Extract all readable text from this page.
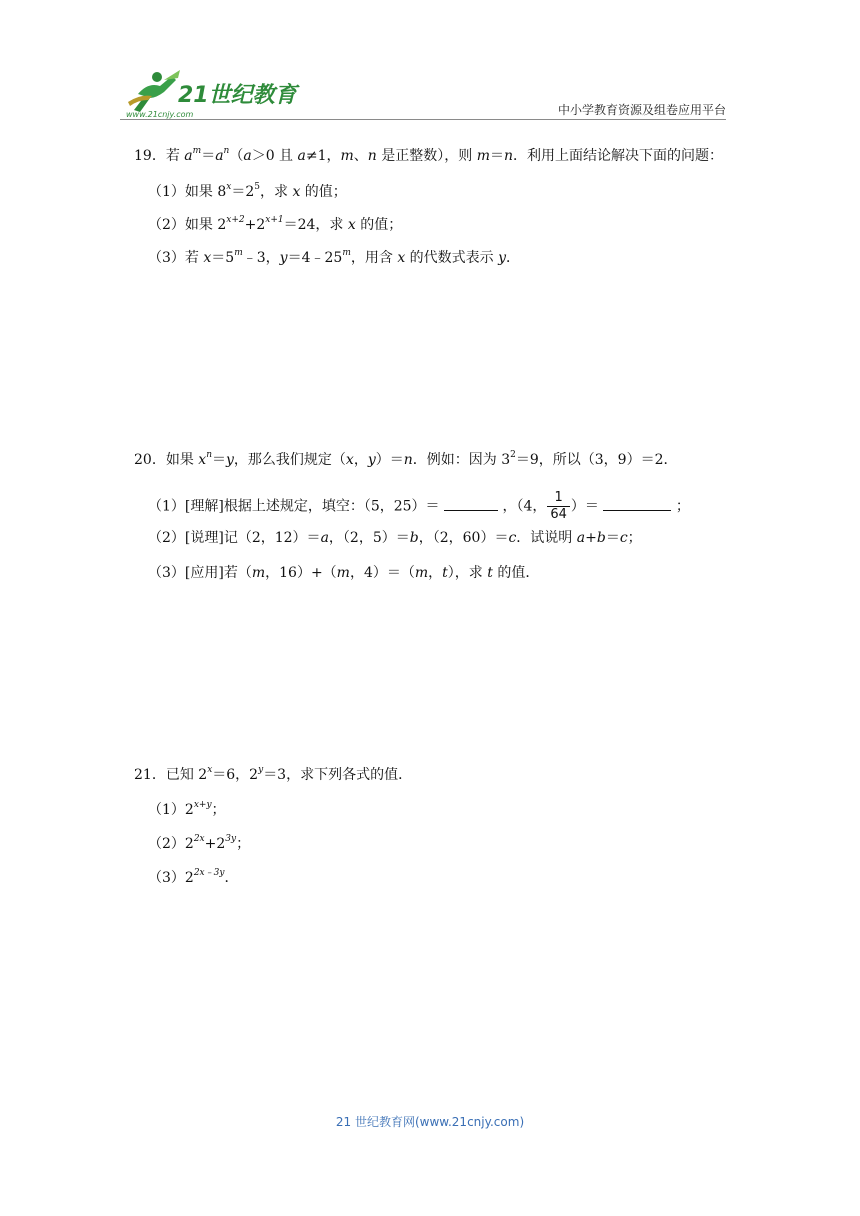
21世纪教育
www.21cnjy.com	中小学教育资源及组卷应用平台
19．若 $a^m=a^n(a>0$ 且 a≠1，m、n 是正整数），则 m＝n．利用上面结论解决下面的问题：
（1）如果 $8^x=2^5$，求 x 的值；
（2）如果 $2^{x+2}+2^{x+1}=24$，求 x 的值；
（3）若 $x=5^m﹣3$，$y=4﹣25^m$，用含 x 的代数式表示 y．
20．如果 $x^n=y$，那么我们规定（x，y）＝n．例如：因为 $3^2=9$，所以（3，9）＝2．
（1）[理解]根据上述规定，填空：（5，25）＝	，（4， $\frac{1}{64}$ ）＝	；
（2）[说理]记（2，12）＝a，（2，5）＝b，（2，60）＝c．试说明 a+b＝c；
（3）[应用]若（m，16）+（m，4）＝（m，t），求 t 的值．
21．已知 $2^x=6$，$2^y=3$，求下列各式的值．
$(1)2^{x+y}$；
$(2)2^{2x}+2^{3y}$；
$(3)2^{2x﹣3y}$．
21 世纪教育网(www.21cnjy.com)
